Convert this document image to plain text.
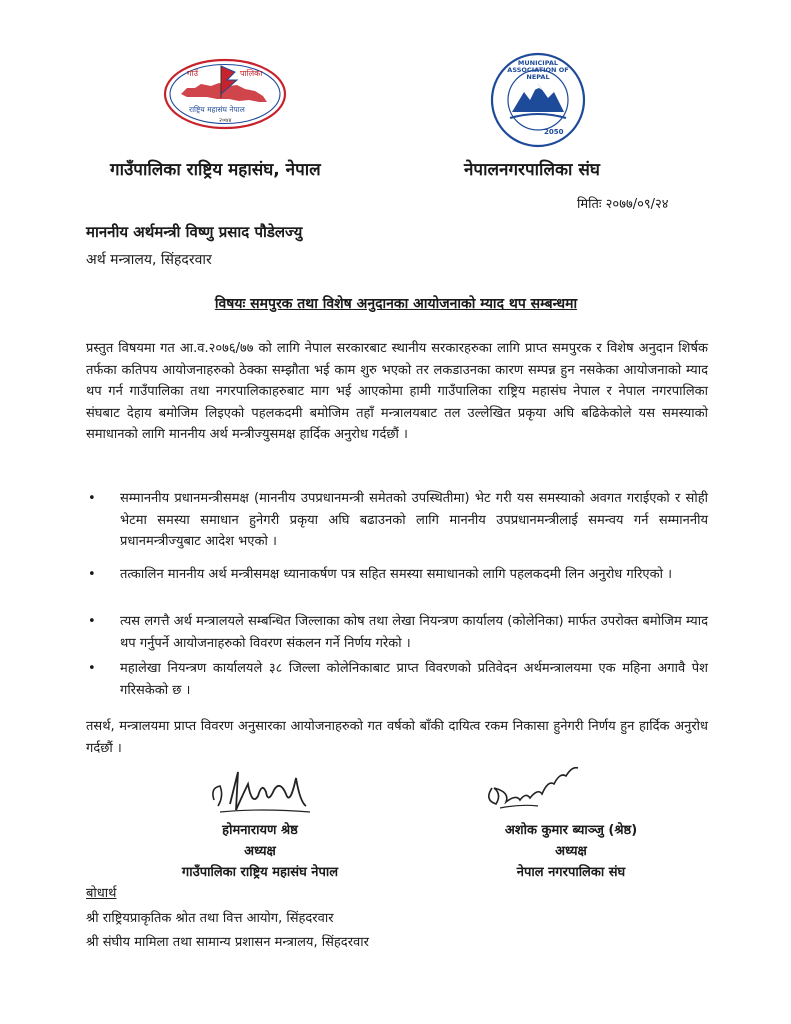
गाउँ	पालिका
राष्ट्रिय महासंघ नेपाल
२०७४
MUNICIPAL ASSOCIATION OF NEPAL
2050
गाउँपालिका राष्ट्रिय महासंघ, नेपाल	नेपालनगरपालिका संघ
मितिः २०७७/०९/२४
माननीय अर्थमन्त्री विष्णु प्रसाद पौडेलज्यु
अर्थ मन्त्रालय, सिंहदरवार
विषयः समपुरक तथा विशेष अनुदानका आयोजनाको म्याद थप सम्बन्धमा
प्रस्तुत विषयमा गत आ.व.२०७६/७७ को लागि नेपाल सरकारबाट स्थानीय सरकारहरुका लागि प्राप्त समपुरक र विशेष अनुदान शिर्षक तर्फका कतिपय आयोजनाहरुको ठेक्का सम्झौता भई काम शुरु भएको तर लकडाउनका कारण सम्पन्न हुन नसकेका आयोजनाको म्याद थप गर्न गाउँपालिका तथा नगरपालिकाहरुबाट माग भई आएकोमा हामी गाउँपालिका राष्ट्रिय महासंघ नेपाल र नेपाल नगरपालिका संघबाट देहाय बमोजिम लिइएको पहलकदमी बमोजिम तहाँ मन्त्रालयबाट तल उल्लेखित प्रकृया अघि बढिकेकोले यस समस्याको समाधानको लागि माननीय अर्थ मन्त्रीज्युसमक्ष हार्दिक अनुरोध गर्दछौं ।
• सम्माननीय प्रधानमन्त्रीसमक्ष (माननीय उपप्रधानमन्त्री समेतको उपस्थितीमा) भेट गरी यस समस्याको अवगत गराईएको र सोही भेटमा समस्या समाधान हुनेगरी प्रकृया अघि बढाउनको लागि माननीय उपप्रधानमन्त्रीलाई समन्वय गर्न सम्माननीय प्रधानमन्त्रीज्युबाट आदेश भएको ।
• तत्कालिन माननीय अर्थ मन्त्रीसमक्ष ध्यानाकर्षण पत्र सहित समस्या समाधानको लागि पहलकदमी लिन अनुरोध गरिएको ।
• त्यस लगत्तै अर्थ मन्त्रालयले सम्बन्धित जिल्लाका कोष तथा लेखा नियन्त्रण कार्यालय (कोलेनिका) मार्फत उपरोक्त बमोजिम म्याद थप गर्नुपर्ने आयोजनाहरुको विवरण संकलन गर्ने निर्णय गरेको ।
• महालेखा नियन्त्रण कार्यालयले ३८ जिल्ला कोलेनिकाबाट प्राप्त विवरणको प्रतिवेदन अर्थमन्त्रालयमा एक महिना अगावै पेश गरिसकेको छ ।
तसर्थ, मन्त्रालयमा प्राप्त विवरण अनुसारका आयोजनाहरुको गत वर्षको बाँकी दायित्व रकम निकासा हुनेगरी निर्णय हुन हार्दिक अनुरोध गर्दछौं ।
होमनारायण श्रेष्ठ
अध्यक्ष
गाउँपालिका राष्ट्रिय महासंघ नेपाल
अशोक कुमार ब्याञ्जु (श्रेष्ठ)
अध्यक्ष
नेपाल नगरपालिका संघ
बोधार्थ
श्री राष्ट्रियप्राकृतिक श्रोत तथा वित्त आयोग, सिंहदरवार
श्री संघीय मामिला तथा सामान्य प्रशासन मन्त्रालय, सिंहदरवार
